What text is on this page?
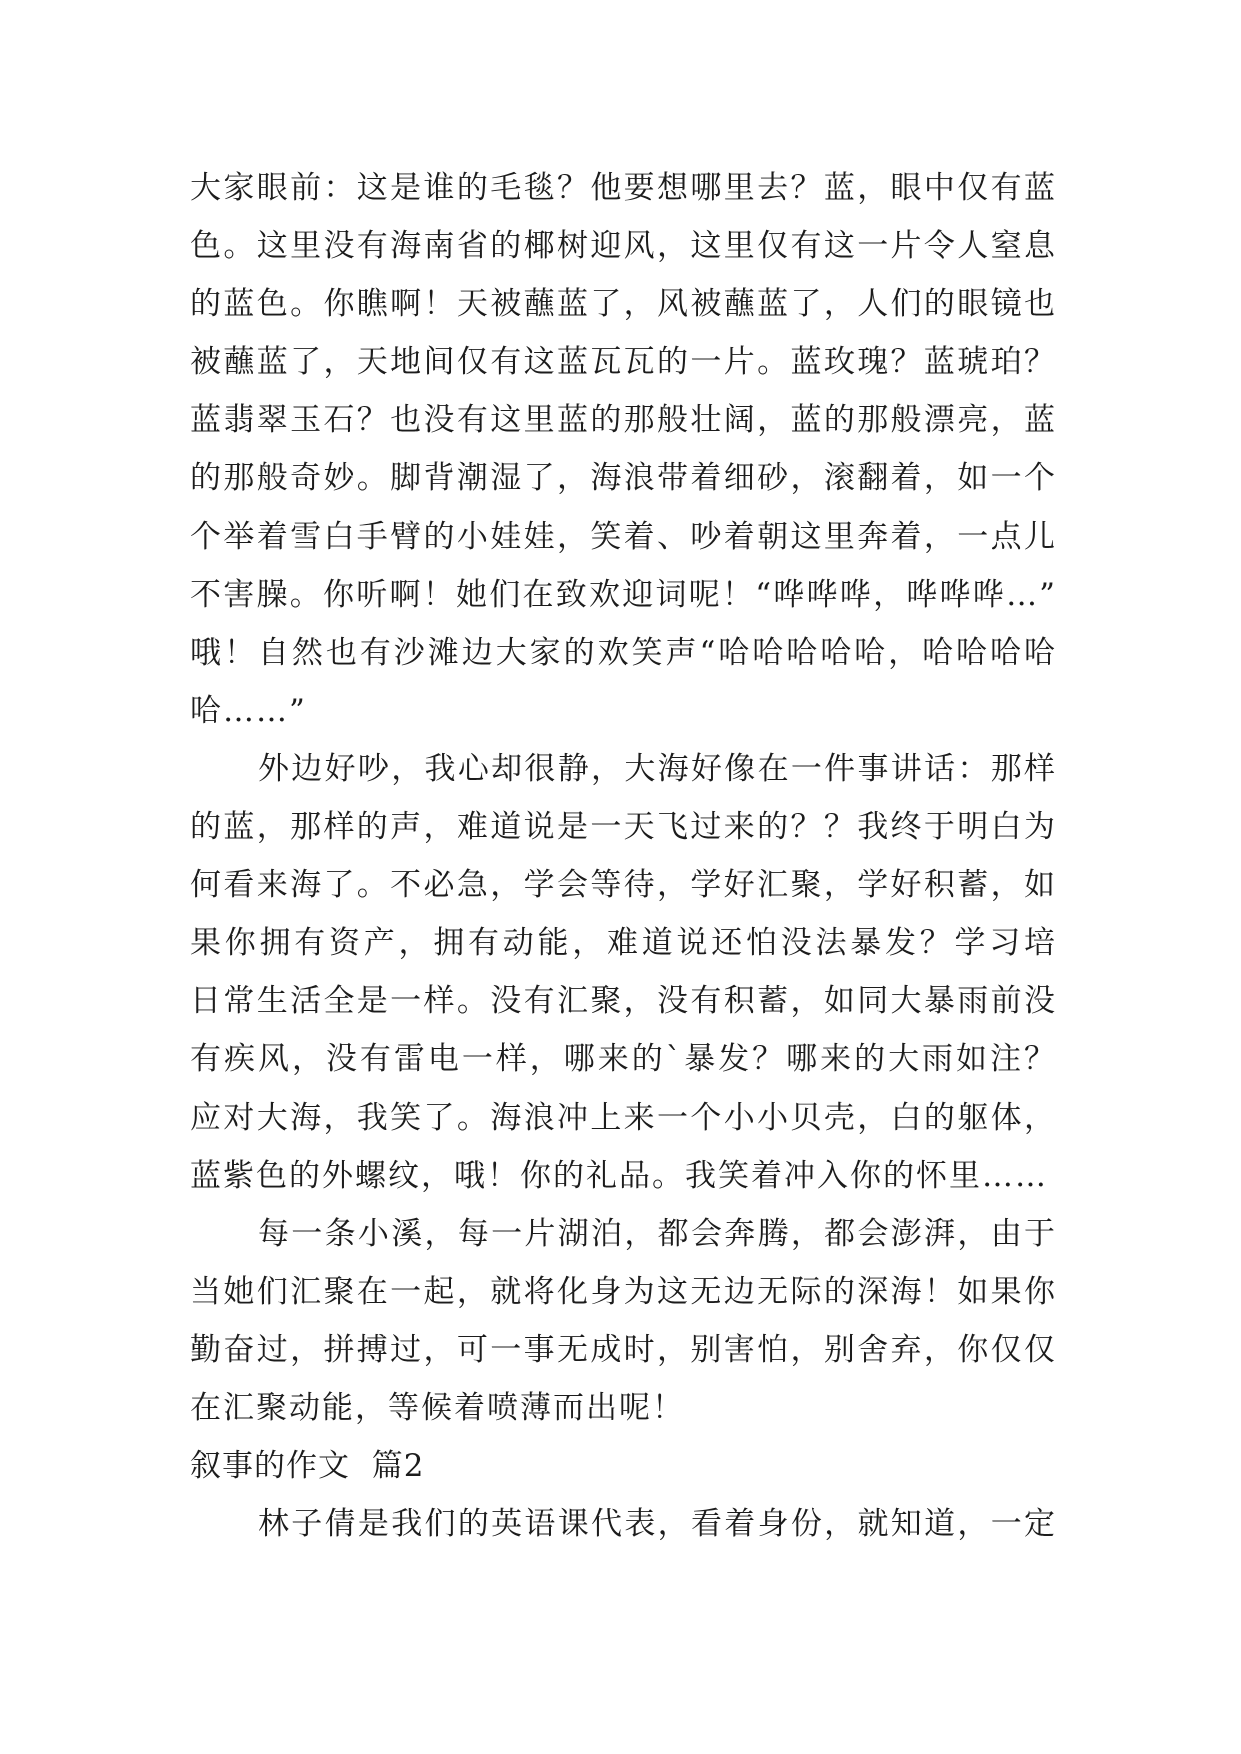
大家眼前：这是谁的毛毯？他要想哪里去？蓝，眼中仅有蓝
色。这里没有海南省的椰树迎风，这里仅有这一片令人窒息
的蓝色。你瞧啊！天被蘸蓝了，风被蘸蓝了，人们的眼镜也
被蘸蓝了，天地间仅有这蓝瓦瓦的一片。蓝玫瑰？蓝琥珀？
蓝翡翠玉石？也没有这里蓝的那般壮阔，蓝的那般漂亮，蓝
的那般奇妙。脚背潮湿了，海浪带着细砂，滚翻着，如一个
个举着雪白手臂的小娃娃，笑着、吵着朝这里奔着，一点儿
不害臊。你听啊！她们在致欢迎词呢！“哗哗哗，哗哗哗…”
哦！自然也有沙滩边大家的欢笑声“哈哈哈哈哈，哈哈哈哈
哈……”
外边好吵，我心却很静，大海好像在一件事讲话：那样
的蓝，那样的声，难道说是一天飞过来的？？我终于明白为
何看来海了。不必急，学会等待，学好汇聚，学好积蓄，如
果你拥有资产，拥有动能，难道说还怕没法暴发？学习培
日常生活全是一样。没有汇聚，没有积蓄，如同大暴雨前没
有疾风，没有雷电一样，哪来的`暴发？哪来的大雨如注？
应对大海，我笑了。海浪冲上来一个小小贝壳，白的躯体，
蓝紫色的外螺纹，哦！你的礼品。我笑着冲入你的怀里……
每一条小溪，每一片湖泊，都会奔腾，都会澎湃，由于
当她们汇聚在一起，就将化身为这无边无际的深海！如果你
勤奋过，拼搏过，可一事无成时，别害怕，别舍弃，你仅仅
在汇聚动能，等候着喷薄而出呢！
叙事的作文  篇2
林子倩是我们的英语课代表，看着身份，就知道，一定
